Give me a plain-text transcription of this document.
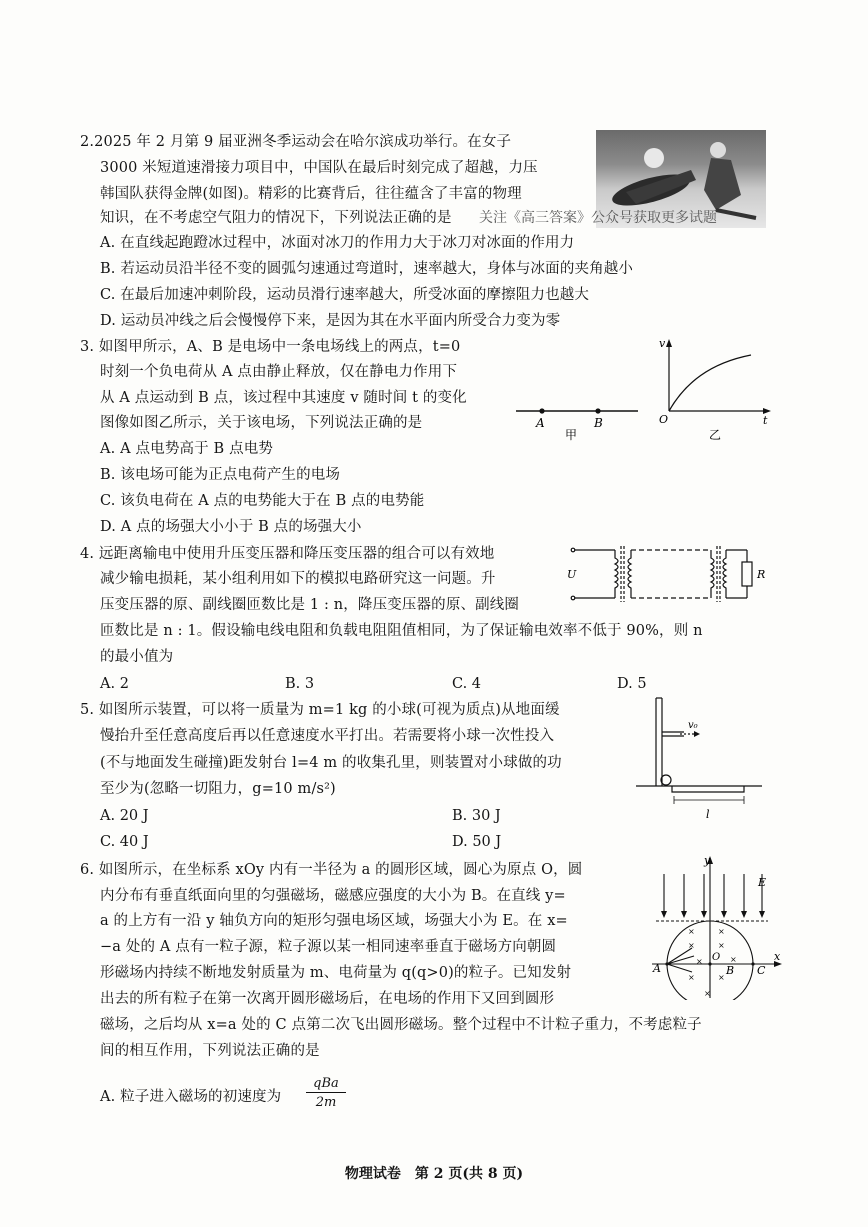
2.2025 年 2 月第 9 届亚洲冬季运动会在哈尔滨成功举行。在女子
3000 米短道速滑接力项目中，中国队在最后时刻完成了超越，力压
韩国队获得金牌(如图)。精彩的比赛背后，往往蕴含了丰富的物理
知识，在不考虑空气阻力的情况下，下列说法正确的是 关注《高三答案》公众号获取更多试题
A. 在直线起跑蹬冰过程中，冰面对冰刀的作用力大于冰刀对冰面的作用力
B. 若运动员沿半径不变的圆弧匀速通过弯道时，速率越大，身体与冰面的夹角越小
C. 在最后加速冲刺阶段，运动员滑行速率越大，所受冰面的摩擦阻力也越大
D. 运动员冲线之后会慢慢停下来，是因为其在水平面内所受合力变为零
3. 如图甲所示，A、B 是电场中一条电场线上的两点，t=0
时刻一个负电荷从 A 点由静止释放，仅在静电力作用下
从 A 点运动到 B 点，该过程中其速度 v 随时间 t 的变化
图像如图乙所示，关于该电场，下列说法正确的是
A. A 点电势高于 B 点电势
B. 该电场可能为正点电荷产生的电场
C. 该负电荷在 A 点的电势能大于在 B 点的电势能
D. A 点的场强大小小于 B 点的场强大小
A	B
甲
v
O	t
乙
4. 远距离输电中使用升压变压器和降压变压器的组合可以有效地
减少输电损耗，某小组利用如下的模拟电路研究这一问题。升
压变压器的原、副线圈匝数比是 1 : n，降压变压器的原、副线圈
匝数比是 n : 1。假设输电线电阻和负载电阻阻值相同，为了保证输电效率不低于 90%，则 n
的最小值为
A. 2	B. 3	C. 4	D. 5
U	R
5. 如图所示装置，可以将一质量为 m=1 kg 的小球(可视为质点)从地面缓
慢抬升至任意高度后再以任意速度水平打出。若需要将小球一次性投入
(不与地面发生碰撞)距发射台 l=4 m 的收集孔里，则装置对小球做的功
至少为(忽略一切阻力，g=10 m/s²)
A. 20 J	B. 30 J
C. 40 J	D. 50 J
v₀
l
6. 如图所示，在坐标系 xOy 内有一半径为 a 的圆形区域，圆心为原点 O，圆
内分布有垂直纸面向里的匀强磁场，磁感应强度的大小为 B。在直线 y=
a 的上方有一沿 y 轴负方向的矩形匀强电场区域，场强大小为 E。在 x=
−a 处的 A 点有一粒子源，粒子源以某一相同速率垂直于磁场方向朝圆
形磁场内持续不断地发射质量为 m、电荷量为 q(q>0)的粒子。已知发射
出去的所有粒子在第一次离开圆形磁场后，在电场的作用下又回到圆形
磁场，之后均从 x=a 处的 C 点第二次飞出圆形磁场。整个过程中不计粒子重力，不考虑粒子
间的相互作用，下列说法正确的是
A. 粒子进入磁场的初速度为
qBa
2m
×	×
×	×
×	×
×	×
×
y
x
E
A
O
B C
物理试卷　第 2 页(共 8 页)
